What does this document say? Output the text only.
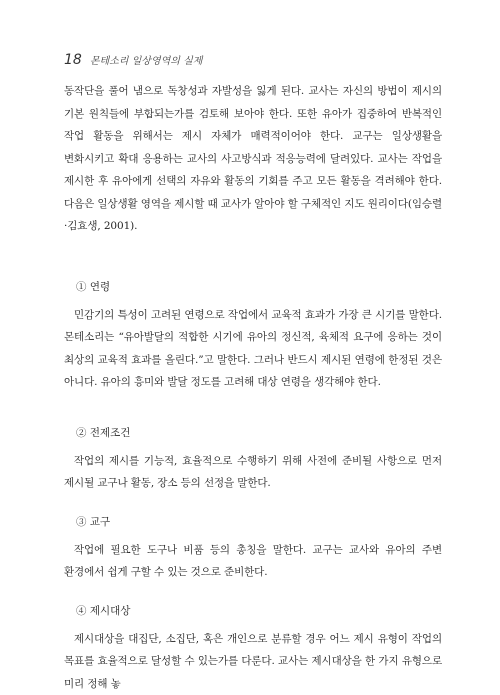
18 몬테소리 일상영역의 실제

동작단을 풀어 냄으로 독창성과 자발성을 잃게 된다. 교사는 자신의 방법이 제시의 기본 원칙들에 부합되는가를 검토해 보아야 한다. 또한 유아가 집중하여 반복적인 작업 활동을 위해서는 제시 자체가 매력적이어야 한다. 교구는 일상생활을 변화시키고 확대 응용하는 교사의 사고방식과 적응능력에 달려있다. 교사는 작업을 제시한 후 유아에게 선택의 자유와 활동의 기회를 주고 모든 활동을 격려해야 한다. 다음은 일상생활 영역을 제시할 때 교사가 알아야 할 구체적인 지도 원리이다(임승렬·김효생, 2001).

① 연령

민감기의 특성이 고려된 연령으로 작업에서 교육적 효과가 가장 큰 시기를 말한다. 몬테소리는 “유아발달의 적합한 시기에 유아의 정신적, 육체적 요구에 응하는 것이 최상의 교육적 효과를 올린다.”고 말한다. 그러나 반드시 제시된 연령에 한정된 것은 아니다. 유아의 흥미와 발달 정도를 고려해 대상 연령을 생각해야 한다.

② 전제조건

작업의 제시를 기능적, 효율적으로 수행하기 위해 사전에 준비될 사항으로 먼저 제시될 교구나 활동, 장소 등의 선정을 말한다.

③ 교구

작업에 필요한 도구나 비품 등의 총칭을 말한다. 교구는 교사와 유아의 주변 환경에서 쉽게 구할 수 있는 것으로 준비한다.

④ 제시대상

제시대상을 대집단, 소집단, 혹은 개인으로 분류할 경우 어느 제시 유형이 작업의 목표를 효율적으로 달성할 수 있는가를 다룬다. 교사는 제시대상을 한 가지 유형으로 미리 정해 놓
